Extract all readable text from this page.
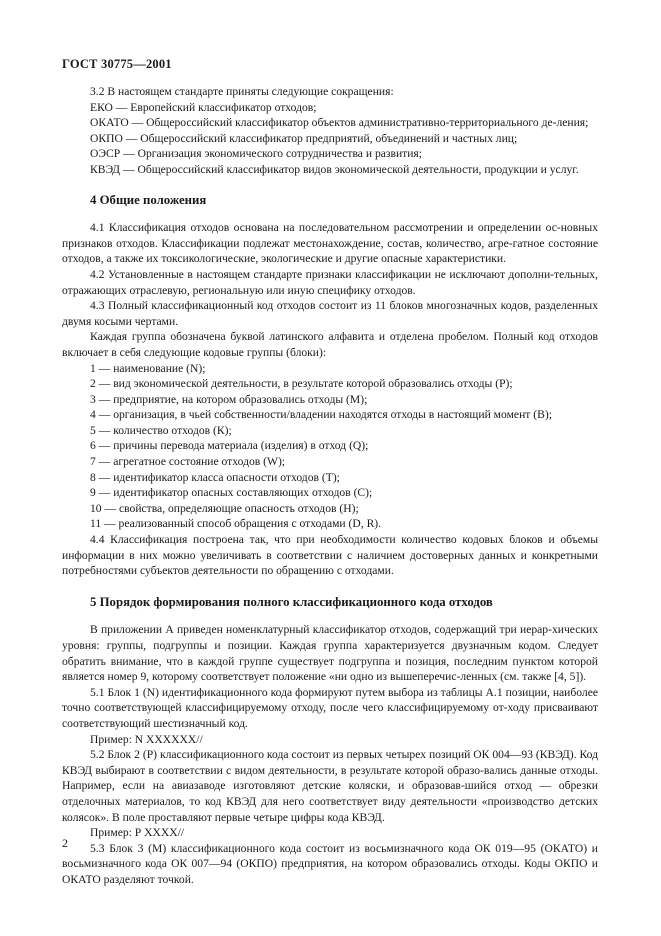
ГОСТ 30775—2001

3.2 В настоящем стандарте приняты следующие сокращения:

ЕКО — Европейский классификатор отходов;

ОКАТО — Общероссийский классификатор объектов административно-территориального де-ления;

ОКПО — Общероссийский классификатор предприятий, объединений и частных лиц;

ОЭСР — Организация экономического сотрудничества и развития;

КВЭД — Общероссийский классификатор видов экономической деятельности, продукции и услуг.

4 Общие положения

4.1 Классификация отходов основана на последовательном рассмотрении и определении ос-новных признаков отходов. Классификации подлежат местонахождение, состав, количество, агре-гатное состояние отходов, а также их токсикологические, экологические и другие опасные характеристики.

4.2 Установленные в настоящем стандарте признаки классификации не исключают дополни-тельных, отражающих отраслевую, региональную или иную специфику отходов.

4.3 Полный классификационный код отходов состоит из 11 блоков многозначных кодов, разделенных двумя косыми чертами.

Каждая группа обозначена буквой латинского алфавита и отделена пробелом. Полный код отходов включает в себя следующие кодовые группы (блоки):

1 — наименование (N);

2 — вид экономической деятельности, в результате которой образовались отходы (Р);

3 — предприятие, на котором образовались отходы (М);

4 — организация, в чьей собственности/владении находятся отходы в настоящий момент (В);

5 — количество отходов (К);

6 — причины перевода материала (изделия) в отход (Q);

7 — агрегатное состояние отходов (W);

8 — идентификатор класса опасности отходов (Т);

9 — идентификатор опасных составляющих отходов (С);

10 — свойства, определяющие опасность отходов (Н);

11 — реализованный способ обращения с отходами (D, R).

4.4 Классификация построена так, что при необходимости количество кодовых блоков и объемы информации в них можно увеличивать в соответствии с наличием достоверных данных и конкретными потребностями субъектов деятельности по обращению с отходами.

5 Порядок формирования полного классификационного кода отходов

В приложении А приведен номенклатурный классификатор отходов, содержащий три иерар-хических уровня: группы, подгруппы и позиции. Каждая группа характеризуется двузначным кодом. Следует обратить внимание, что в каждой группе существует подгруппа и позиция, последним пунктом которой является номер 9, которому соответствует положение «ни одно из вышеперечис-ленных (см. также [4, 5]).

5.1 Блок 1 (N) идентификационного кода формируют путем выбора из таблицы А.1 позиции, наиболее точно соответствующей классифицируемому отходу, после чего классифицируемому от-ходу присваивают соответствующий шестизначный код.

Пример: N XXXXXX//

5.2 Блок 2 (Р) классификационного кода состоит из первых четырех позиций ОК 004—93 (КВЭД). Код КВЭД выбирают в соответствии с видом деятельности, в результате которой образо-вались данные отходы. Например, если на авиазаводе изготовляют детские коляски, и образовав-шийся отход — обрезки отделочных материалов, то код КВЭД для него соответствует виду деятельности «производство детских колясок». В поле проставляют первые четыре цифры кода КВЭД.

Пример: Р XXXX//

5.3 Блок 3 (М) классификационного кода состоит из восьмизначного кода ОК 019—95 (ОКАТО) и восьмизначного кода ОК 007—94 (ОКПО) предприятия, на котором образовались отходы. Коды ОКПО и ОКАТО разделяют точкой.

2
